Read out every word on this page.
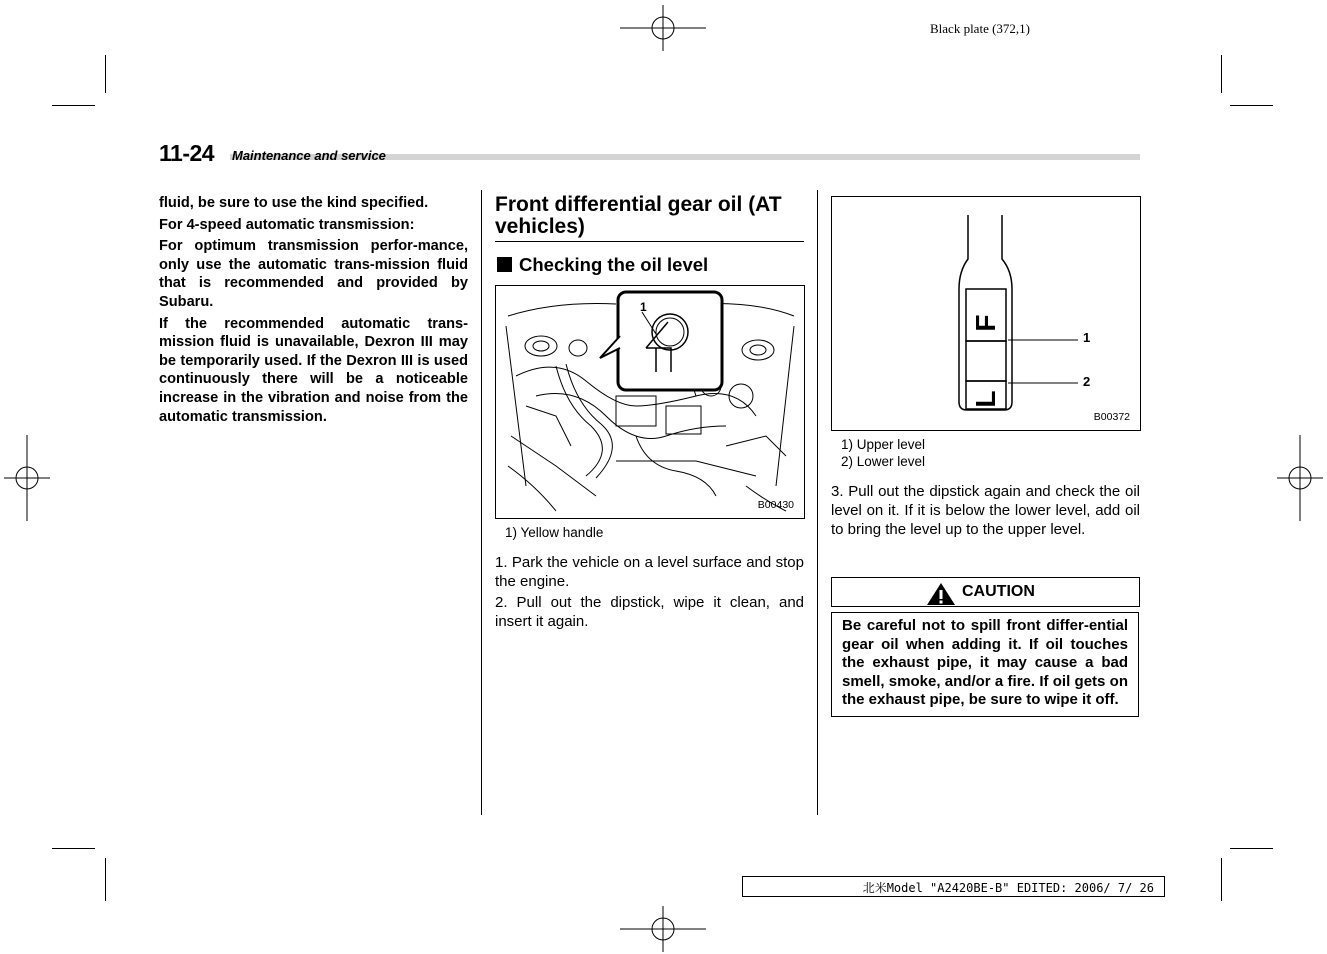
Black plate (372,1)
11-24 Maintenance and service

fluid, be sure to use the kind specified.

For 4-speed automatic transmission:

For optimum transmission perfor-mance, only use the automatic trans-mission fluid that is recommended and provided by Subaru.

If the recommended automatic trans-mission fluid is unavailable, Dexron III may be temporarily used. If the Dexron III is used continuously there will be a noticeable increase in the vibration and noise from the automatic transmission.

Front differential gear oil (AT vehicles)
Checking the oil level
1
B00430
1) Yellow handle

1. Park the vehicle on a level surface and stop the engine.

2. Pull out the dipstick, wipe it clean, and insert it again.

F
L
1
2
B00372
1) Upper level
2) Lower level
3. Pull out the dipstick again and check the oil level on it. If it is below the lower level, add oil to bring the level up to the upper level.
CAUTION
Be careful not to spill front differ-ential gear oil when adding it. If oil touches the exhaust pipe, it may cause a bad smell, smoke, and/or a fire. If oil gets on the exhaust pipe, be sure to wipe it off.
北米Model "A2420BE-B" EDITED: 2006/ 7/ 26
